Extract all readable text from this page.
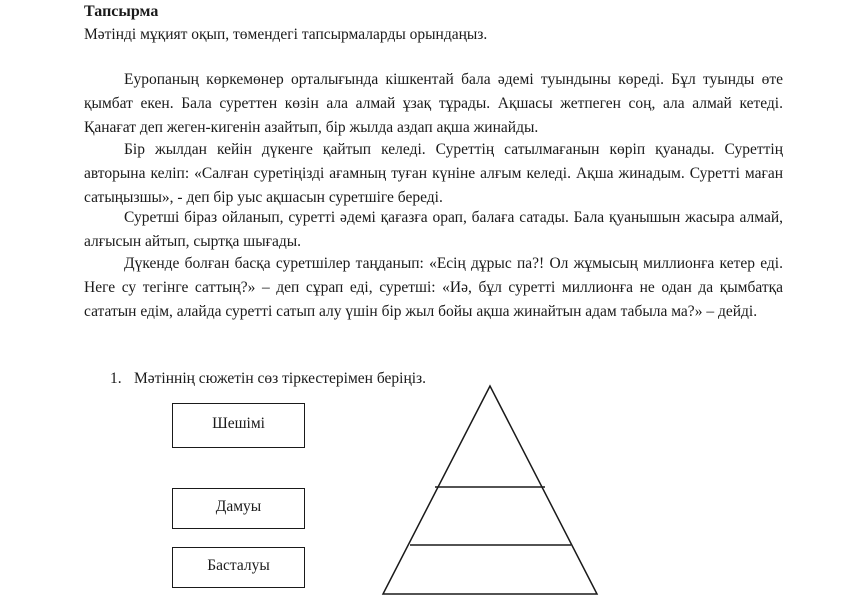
Тапсырма
Мәтінді мұқият оқып, төмендегі тапсырмаларды орындаңыз.

Еуропаның көркемөнер орталығында кішкентай бала әдемі туындыны көреді. Бұл туынды өте қымбат екен. Бала суреттен көзін ала алмай ұзақ тұрады. Ақшасы жетпеген соң, ала алмай кетеді. Қанағат деп жеген-кигенін азайтып, бір жылда аздап ақша жинайды.

Бір жылдан кейін дүкенге қайтып келеді. Суреттің сатылмағанын көріп қуанады. Суреттің авторына келіп: «Салған суретіңізді ағамның туған күніне алғым келеді. Ақша жинадым. Суретті маған сатыңызшы», - деп бір уыс ақшасын суретшіге береді.

Суретші біраз ойланып, суретті әдемі қағазға орап, балаға сатады. Бала қуанышын жасыра алмай, алғысын айтып, сыртқа шығады.

Дүкенде болған басқа суретшілер таңданып: «Есің дұрыс па?! Ол жұмысың миллионға кетер еді. Неге су тегінге саттың?» – деп сұрап еді, суретші: «Иә, бұл суретті миллионға не одан да қымбатқа сататын едім, алайда суретті сатып алу үшін бір жыл бойы ақша жинайтын адам табыла ма?» – дейді.

1. Мәтіннің сюжетін сөз тіркестерімен беріңіз.
Шешімі
Дамуы
Басталуы
